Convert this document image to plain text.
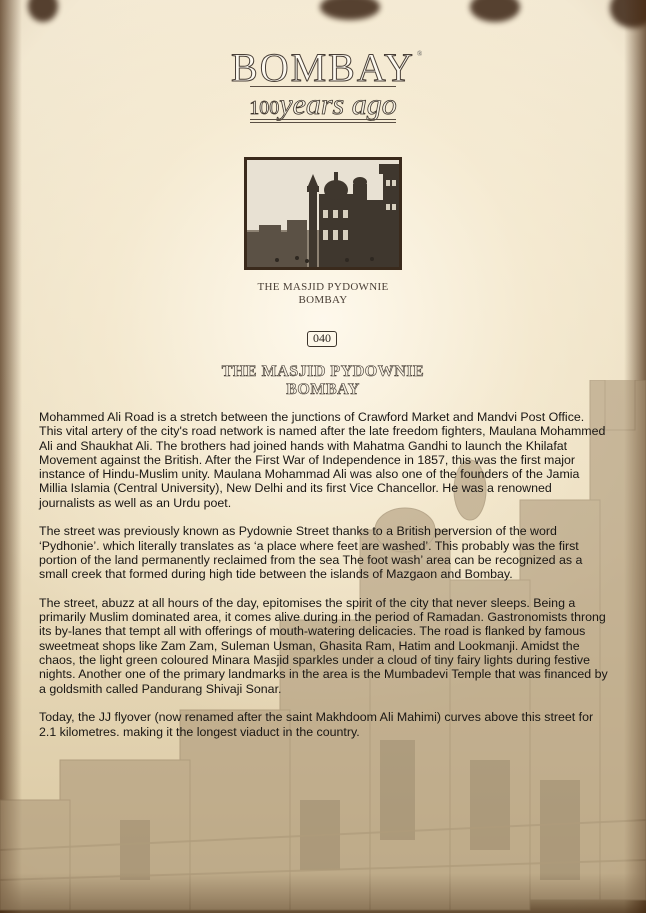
BOMBAY ®
100years ago
THE MASJID PYDOWNIE
BOMBAY
040
THE MASJID PYDOWNIE
BOMBAY

Mohammed Ali Road is a stretch between the junctions of Crawford Market and Mandvi Post Office. This vital artery of the city's road network is named after the late freedom fighters, Maulana Mohammed Ali and Shaukhat Ali. The brothers had joined hands with Mahatma Gandhi to launch the Khilafat Movement against the British. After the First War of Independence in 1857, this was the first major instance of Hindu-Muslim unity. Maulana Mohammad Ali was also one of the founders of the Jamia Millia Islamia (Central University), New Delhi and its first Vice Chancellor. He was a renowned journalists as well as an Urdu poet.

The street was previously known as Pydownie Street thanks to a British perversion of the word ‘Pydhonie’. which literally translates as ‘a place where feet are washed’. This probably was the first portion of the land permanently reclaimed from the sea The foot wash’ area can be recognized as a small creek that formed during high tide between the islands of Mazgaon and Bombay.

The street, abuzz at all hours of the day, epitomises the spirit of the city that never sleeps. Being a primarily Muslim dominated area, it comes alive during in the period of Ramadan. Gastronomists throng its by-lanes that tempt all with offerings of mouth-watering delicacies. The road is flanked by famous sweetmeat shops like Zam Zam, Suleman Usman, Ghasita Ram, Hatim and Lookmanji. Amidst the chaos, the light green coloured Minara Masjid sparkles under a cloud of tiny fairy lights during festive nights. Another one of the primary landmarks in the area is the Mumbadevi Temple that was financed by a goldsmith called Pandurang Shivaji Sonar.

Today, the JJ flyover (now renamed after the saint Makhdoom Ali Mahimi) curves above this street for 2.1 kilometres. making it the longest viaduct in the country.
